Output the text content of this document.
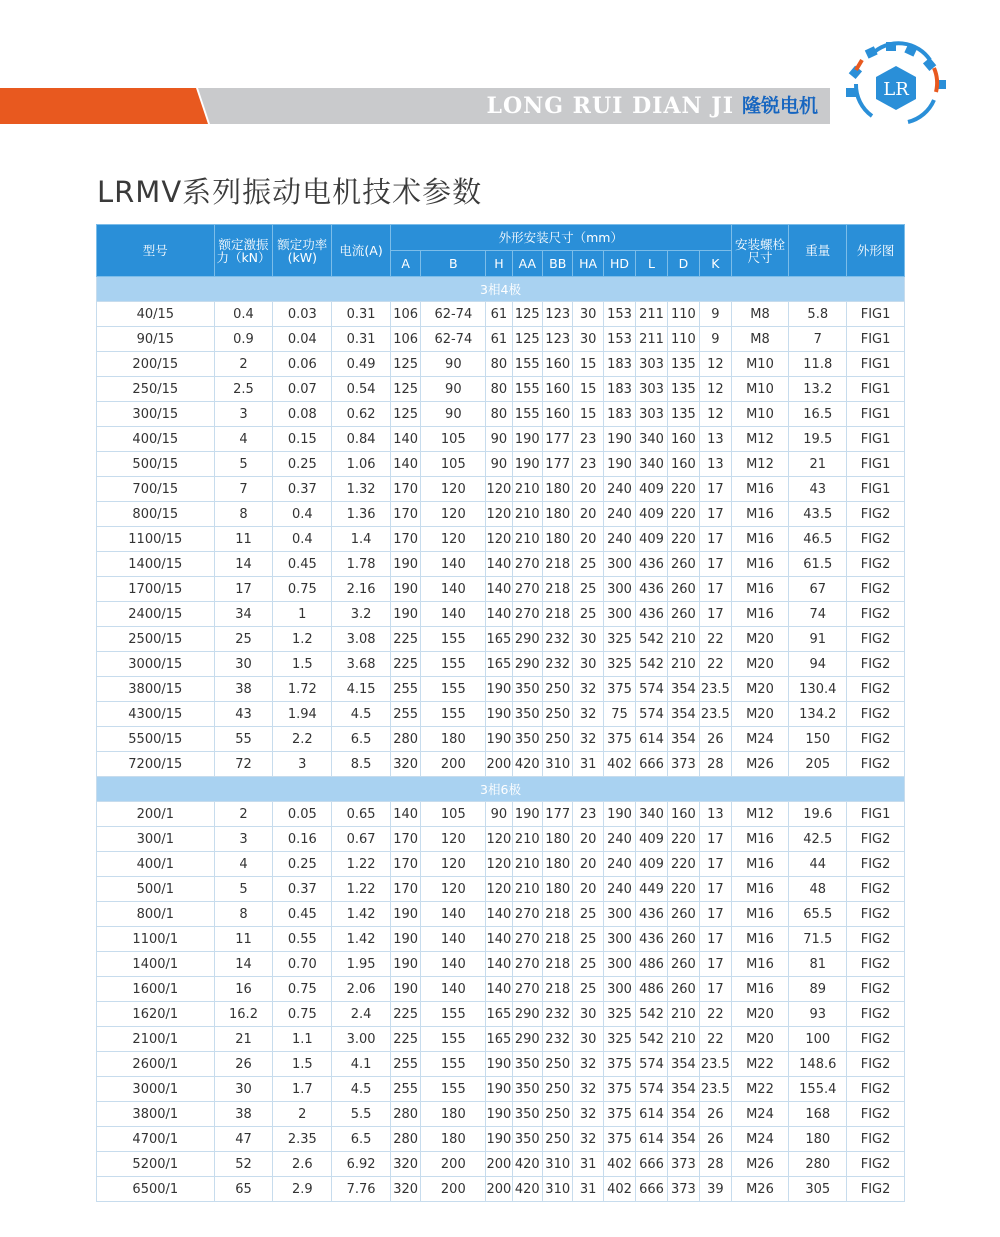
LONG RUI DIAN JI 隆锐电机
LR
LRMV系列振动电机技术参数
型号	额定激振力（kN）	额定功率(kW)	电流(A)	外形安装尺寸（mm）										安装螺栓尺寸	重量	外形图
				A	B	H	AA	BB	HA	HD	L	D	K			
3相4极																
40/15	0.4	0.03	0.31	106	62-74	61	125	123	30	153	211	110	9	M8	5.8	FIG1
90/15	0.9	0.04	0.31	106	62-74	61	125	123	30	153	211	110	9	M8	7	FIG1
200/15	2	0.06	0.49	125	90	80	155	160	15	183	303	135	12	M10	11.8	FIG1
250/15	2.5	0.07	0.54	125	90	80	155	160	15	183	303	135	12	M10	13.2	FIG1
300/15	3	0.08	0.62	125	90	80	155	160	15	183	303	135	12	M10	16.5	FIG1
400/15	4	0.15	0.84	140	105	90	190	177	23	190	340	160	13	M12	19.5	FIG1
500/15	5	0.25	1.06	140	105	90	190	177	23	190	340	160	13	M12	21	FIG1
700/15	7	0.37	1.32	170	120	120	210	180	20	240	409	220	17	M16	43	FIG1
800/15	8	0.4	1.36	170	120	120	210	180	20	240	409	220	17	M16	43.5	FIG2
1100/15	11	0.4	1.4	170	120	120	210	180	20	240	409	220	17	M16	46.5	FIG2
1400/15	14	0.45	1.78	190	140	140	270	218	25	300	436	260	17	M16	61.5	FIG2
1700/15	17	0.75	2.16	190	140	140	270	218	25	300	436	260	17	M16	67	FIG2
2400/15	34	1	3.2	190	140	140	270	218	25	300	436	260	17	M16	74	FIG2
2500/15	25	1.2	3.08	225	155	165	290	232	30	325	542	210	22	M20	91	FIG2
3000/15	30	1.5	3.68	225	155	165	290	232	30	325	542	210	22	M20	94	FIG2
3800/15	38	1.72	4.15	255	155	190	350	250	32	375	574	354	23.5	M20	130.4	FIG2
4300/15	43	1.94	4.5	255	155	190	350	250	32	75	574	354	23.5	M20	134.2	FIG2
5500/15	55	2.2	6.5	280	180	190	350	250	32	375	614	354	26	M24	150	FIG2
7200/15	72	3	8.5	320	200	200	420	310	31	402	666	373	28	M26	205	FIG2
3相6极																
200/1	2	0.05	0.65	140	105	90	190	177	23	190	340	160	13	M12	19.6	FIG1
300/1	3	0.16	0.67	170	120	120	210	180	20	240	409	220	17	M16	42.5	FIG2
400/1	4	0.25	1.22	170	120	120	210	180	20	240	409	220	17	M16	44	FIG2
500/1	5	0.37	1.22	170	120	120	210	180	20	240	449	220	17	M16	48	FIG2
800/1	8	0.45	1.42	190	140	140	270	218	25	300	436	260	17	M16	65.5	FIG2
1100/1	11	0.55	1.42	190	140	140	270	218	25	300	436	260	17	M16	71.5	FIG2
1400/1	14	0.70	1.95	190	140	140	270	218	25	300	486	260	17	M16	81	FIG2
1600/1	16	0.75	2.06	190	140	140	270	218	25	300	486	260	17	M16	89	FIG2
1620/1	16.2	0.75	2.4	225	155	165	290	232	30	325	542	210	22	M20	93	FIG2
2100/1	21	1.1	3.00	225	155	165	290	232	30	325	542	210	22	M20	100	FIG2
2600/1	26	1.5	4.1	255	155	190	350	250	32	375	574	354	23.5	M22	148.6	FIG2
3000/1	30	1.7	4.5	255	155	190	350	250	32	375	574	354	23.5	M22	155.4	FIG2
3800/1	38	2	5.5	280	180	190	350	250	32	375	614	354	26	M24	168	FIG2
4700/1	47	2.35	6.5	280	180	190	350	250	32	375	614	354	26	M24	180	FIG2
5200/1	52	2.6	6.92	320	200	200	420	310	31	402	666	373	28	M26	280	FIG2
6500/1	65	2.9	7.76	320	200	200	420	310	31	402	666	373	39	M26	305	FIG2
